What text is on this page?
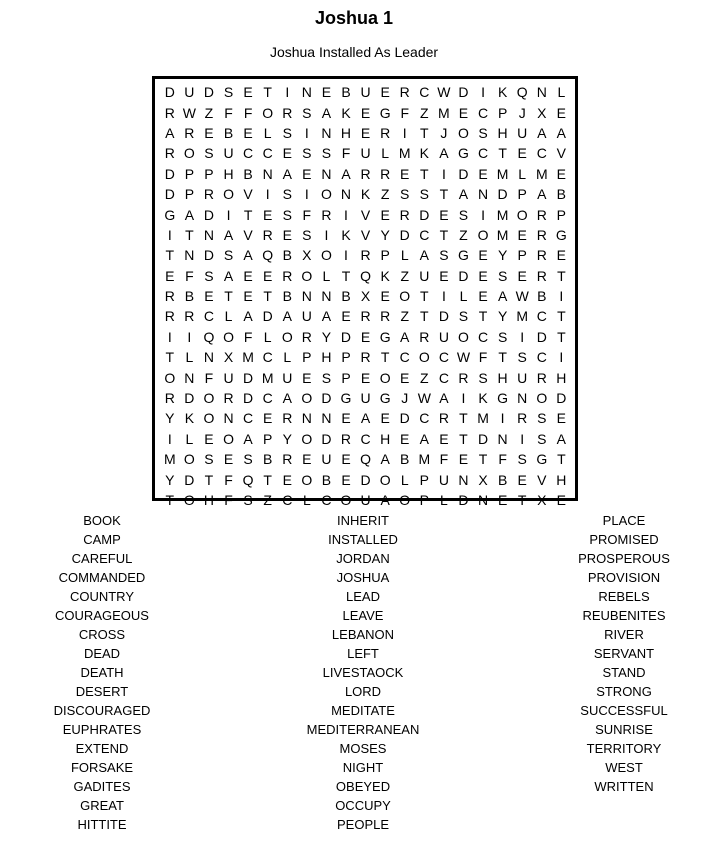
Joshua 1
Joshua Installed As Leader
D U D S E T I N E B U E R C W D I K Q N L
R W Z F F O R S A K E G F Z M E C P J X E
A R E B E L S I N H E R I T J O S H U A A
R O S U C C E S S F U L M K A G C T E C V
D P P H B N A E N A R R E T I D E M L M E
D P R O V I S I O N K Z S S T A N D P A B
G A D I T E S F R I V E R D E S I M O R P
I T N A V R E S I K V Y D C T Z O M E R G
T N D S A Q B X O I R P L A S G E Y P R E
E F S A E E R O L T Q K Z U E D E S E R T
R B E T E T B N N B X E O T I L E A W B I
R R C L A D A U A E R R Z T D S T Y M C T
I	I Q O F L O R Y D E G A R U O C S I D T
T L N X M C L P H P R T C O C W F T S C I
O N F U D M U E S P E O E Z C R S H U R H
R D O R D C A O D G U G J W A I K G N O D
Y K O N C E R N N E A E D C R T M I R S E
I L E O A P Y O D R C H E A E T D N I S A
M O S E S B R E U E Q A B M F E T F S G T
Y D T F Q T E O B E D O L P U N X B E V H
T O H F S Z C L C O U A O P L D N E T X E
BOOK
CAMP
CAREFUL
COMMANDED
COUNTRY
COURAGEOUS
CROSS
DEAD
DEATH
DESERT
DISCOURAGED
EUPHRATES
EXTEND
FORSAKE
GADITES
GREAT
HITTITE
INHERIT
INSTALLED
JORDAN
JOSHUA
LEAD
LEAVE
LEBANON
LEFT
LIVESTAOCK
LORD
MEDITATE
MEDITERRANEAN
MOSES
NIGHT
OBEYED
OCCUPY
PEOPLE
PLACE
PROMISED
PROSPEROUS
PROVISION
REBELS
REUBENITES
RIVER
SERVANT
STAND
STRONG
SUCCESSFUL
SUNRISE
TERRITORY
WEST
WRITTEN
